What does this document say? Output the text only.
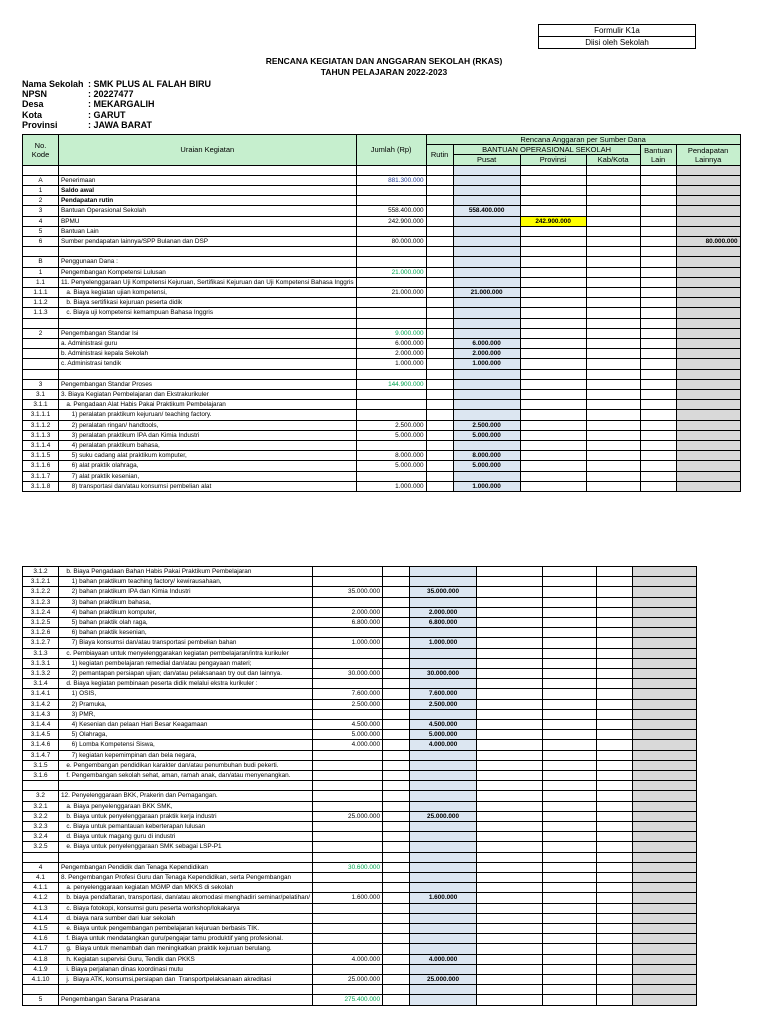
Formulir K1a
Diisi oleh Sekolah
RENCANA KEGIATAN DAN ANGGARAN SEKOLAH (RKAS)
TAHUN PELAJARAN 2022-2023
Nama Sekolah : SMK PLUS AL FALAH BIRU
NPSN	: 20227477
Desa	: MEKARGALIH
Kota	: GARUT
Provinsi	: JAWA BARAT
No. Kode	Uraian Kegiatan	Jumlah (Rp)	Rencana Anggaran per Sumber Dana					
			Rutin	BANTUAN OPERASIONAL SEKOLAH			Bantuan Lain	Pendapatan Lainnya
				Pusat	Provinsi	Kab/Kota		

A	Penerimaan	881.300.000						
1	Saldo awal							
2	Pendapatan rutin							
3	Bantuan Operasional Sekolah	558.400.000		558.400.000				
4	BPMU	242.900.000			242.900.000			
5	Bantuan Lain							
6	Sumber pendapatan lainnya/SPP Bulanan dan DSP	80.000.000						80.000.000

B	Penggunaan Dana :							
1	Pengembangan Kompetensi Lulusan	21.000.000						
1.1	11. Penyelenggaraan Uji Kompetensi Kejuruan, Sertifikasi Kejuruan dan Uji Kompetensi Bahasa Inggris							
1.1.1	a. Biaya kegiatan ujian kompetensi,	21.000.000		21.000.000				
1.1.2	b. Biaya sertifikasi kejuruan peserta didik							
1.1.3	c. Biaya uji kompetensi kemampuan Bahasa Inggris							

2	Pengembangan Standar Isi	9.000.000						
	a. Administrasi guru	6.000.000		6.000.000				
	b. Administrasi kepala Sekolah	2.000.000		2.000.000				
	c. Administrasi tendik	1.000.000		1.000.000				

3	Pengembangan Standar Proses	144.900.000						
3.1	3. Biaya Kegiatan Pembelajaran dan Ekstrakurikuler							
3.1.1	a. Pengadaan Alat Habis Pakai Praktikum Pembelajaran							
3.1.1.1	1) peralatan praktikum kejuruan/ teaching factory.							
3.1.1.2	2) peralatan ringan/ handtools,	2.500.000		2.500.000				
3.1.1.3	3) peralatan praktikum IPA dan Kimia Industri	5.000.000		5.000.000				
3.1.1.4	4) peralatan praktikum bahasa,							
3.1.1.5	5) suku cadang alat praktikum komputer,	8.000.000		8.000.000				
3.1.1.6	6) alat praktik olahraga,	5.000.000		5.000.000				
3.1.1.7	7) alat praktik kesenian,							
3.1.1.8	8) transportasi dan/atau konsumsi pembelian alat	1.000.000		1.000.000				
3.1.2	b. Biaya Pengadaan Bahan Habis Pakai Praktikum Pembelajaran							
3.1.2.1	1) bahan praktikum teaching factory/ kewirausahaan,							
3.1.2.2	2) bahan praktikum IPA dan Kimia Industri	35.000.000		35.000.000				
3.1.2.3	3) bahan praktikum bahasa,							
3.1.2.4	4) bahan praktikum komputer,	2.000.000		2.000.000				
3.1.2.5	5) bahan praktik olah raga,	6.800.000		6.800.000				
3.1.2.6	6) bahan praktik kesenian,							
3.1.2.7	7) Biaya konsumsi dan/atau transportasi pembelian bahan	1.000.000		1.000.000				
3.1.3	c. Pembiayaan untuk menyelenggarakan kegiatan pembelajaran/intra kurikuler							
3.1.3.1	1) kegiatan pembelajaran remedial dan/atau pengayaan materi;							
3.1.3.2	2) pemantapan persiapan ujian; dan/atau pelaksanaan try out dan lainnya.	30.000.000		30.000.000				
3.1.4	d. Biaya kegiatan pembinaan peserta didik melalui ekstra kurikuler :							
3.1.4.1	1) OSIS,	7.600.000		7.600.000				
3.1.4.2	2) Pramuka,	2.500.000		2.500.000				
3.1.4.3	3) PMR,							
3.1.4.4	4) Kesenian dan pelaan Hari Besar Keagamaan	4.500.000		4.500.000				
3.1.4.5	5) Olahraga,	5.000.000		5.000.000				
3.1.4.6	6) Lomba Kompetensi Siswa,	4.000.000		4.000.000				
3.1.4.7	7) kegiatan kepemimpinan dan bela negara,							
3.1.5	e. Pengembangan pendidikan karakter dan/atau penumbuhan budi pekerti.							
3.1.6	f. Pengembangan sekolah sehat, aman, ramah anak, dan/atau menyenangkan.							

3.2	12. Penyelenggaraan BKK, Prakerin dan Pemagangan.							
3.2.1	a. Biaya penyelenggaraan BKK SMK,							
3.2.2	b. Biaya untuk penyelenggaraan praktik kerja industri	25.000.000		25.000.000				
3.2.3	c. Biaya untuk pemantauan keberterapan lulusan							
3.2.4	d. Biaya untuk magang guru di industri							
3.2.5	e. Biaya untuk penyelenggaraan SMK sebagai LSP-P1							

4	Pengembangan Pendidik dan Tenaga Kependidikan	30.600.000						
4.1	8. Pengembangan Profesi Guru dan Tenaga Kependidikan, serta Pengembangan							
4.1.1	a. penyelenggaraan kegiatan MGMP dan MKKS di sekolah							
4.1.2	b. biaya pendaftaran, transportasi, dan/atau akomodasi menghadiri seminar/pelatihan/	1.600.000		1.600.000				
4.1.3	c. Biaya fotokopi, konsumsi guru peserta workshop/lokakarya							
4.1.4	d. biaya nara sumber dari luar sekolah							
4.1.5	e. Biaya untuk pengembangan pembelajaran kejuruan berbasis TIK.							
4.1.6	f. Biaya untuk mendatangkan guru/pengajar tamu produktif yang profesional.							
4.1.7	g.  Biaya untuk menambah dan meningkatkan praktik kejuruan berulang.							
4.1.8	h. Kegiatan supervisi Guru, Tendik dan PKKS	4.000.000		4.000.000				
4.1.9	i. Biaya perjalanan dinas koordinasi mutu							
4.1.10	j.  Biaya ATK, konsumsi,persiapan dan  Transportpelaksanaan akreditasi	25.000.000		25.000.000				

5	Pengembangan Sarana Prasarana	275.400.000						
